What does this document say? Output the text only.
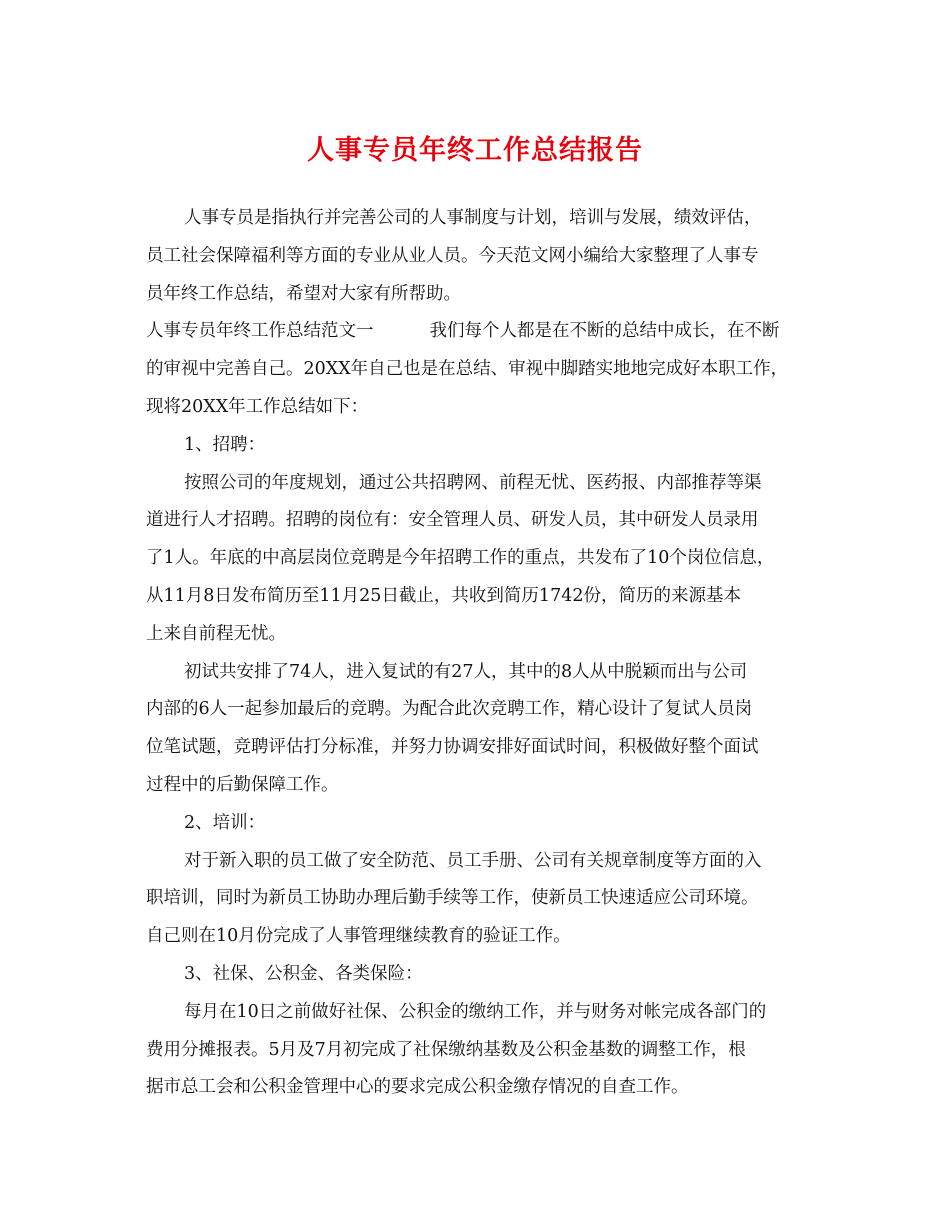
人事专员年终工作总结报告
人事专员是指执行并完善公司的人事制度与计划，培训与发展，绩效评估，
员工社会保障福利等方面的专业从业人员。今天范文网小编给大家整理了人事专
员年终工作总结，希望对大家有所帮助。
人事专员年终工作总结范文一	我们每个人都是在不断的总结中成长，在不断
的审视中完善自己。20XX年自己也是在总结、审视中脚踏实地地完成好本职工作，
现将20XX年工作总结如下：
1、招聘：
按照公司的年度规划，通过公共招聘网、前程无忧、医药报、内部推荐等渠
道进行人才招聘。招聘的岗位有：安全管理人员、研发人员，其中研发人员录用
了1人。年底的中高层岗位竞聘是今年招聘工作的重点，共发布了10个岗位信息，
从11月8日发布简历至11月25日截止，共收到简历1742份，简历的来源基本
上来自前程无忧。
初试共安排了74人，进入复试的有27人，其中的8人从中脱颖而出与公司
内部的6人一起参加最后的竞聘。为配合此次竞聘工作，精心设计了复试人员岗
位笔试题，竞聘评估打分标准，并努力协调安排好面试时间，积极做好整个面试
过程中的后勤保障工作。
2、培训：
对于新入职的员工做了安全防范、员工手册、公司有关规章制度等方面的入
职培训，同时为新员工协助办理后勤手续等工作，使新员工快速适应公司环境。
自己则在10月份完成了人事管理继续教育的验证工作。
3、社保、公积金、各类保险：
每月在10日之前做好社保、公积金的缴纳工作，并与财务对帐完成各部门的
费用分摊报表。5月及7月初完成了社保缴纳基数及公积金基数的调整工作，根
据市总工会和公积金管理中心的要求完成公积金缴存情况的自查工作。
